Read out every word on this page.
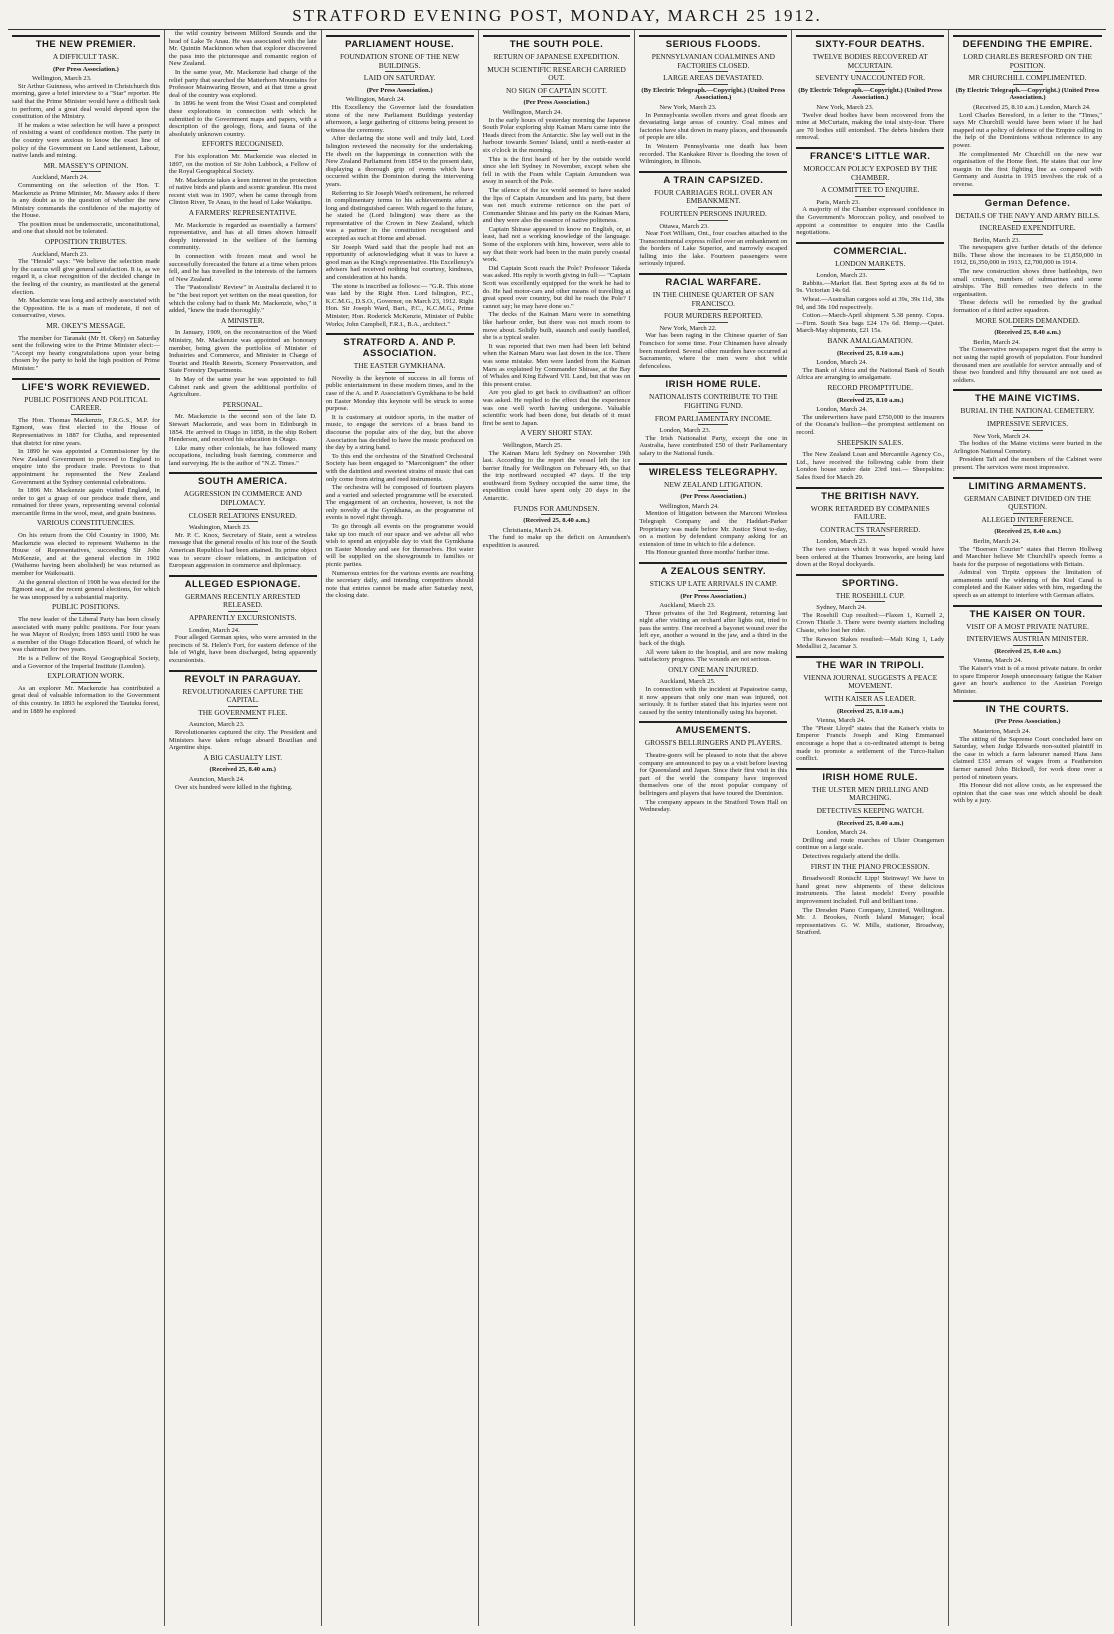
STRATFORD EVENING POST, MONDAY, MARCH 25 1912.
THE NEW PREMIER.
A DIFFICULT TASK.
(Per Press Association.)
Wellington, March 23.

Sir Arthur Guinness, who arrived in Christchurch this morning, gave a brief interview to a "Star" reporter. He said that the Prime Minister would have a difficult task to perform, and a great deal would depend upon the constitution of the Ministry.

If he makes a wise selection he will have a prospect of resisting a want of confidence motion. The party in the country were anxious to know the exact line of policy of the Government on Land settlement, Labour, native lands and mining.

MR. MASSEY'S OPINION.
Auckland, March 24.

Commenting on the selection of the Hon. T. Mackenzie as Prime Minister, Mr. Massey asks if there is any doubt as to the question of whether the new Ministry commands the confidence of the majority of the House.

The position must be undemocratic, unconstitutional, and one that should not be tolerated.

OPPOSITION TRIBUTES.
Auckland, March 23.

The "Herald" says: "We believe the selection made by the caucus will give general satisfaction. It is, as we regard it, a clear recognition of the decided change in the feeling of the country, as manifested at the general election.

Mr. Mackenzie was long and actively associated with the Opposition. He is a man of moderate, if not of conservative, views.

MR. OKEY'S MESSAGE.

The member for Taranaki (Mr H. Okey) on Saturday sent the following wire to the Prime Minister elect:— "Accept my hearty congratulations upon your being chosen by the party to hold the high position of Prime Minister."

LIFE'S WORK REVIEWED.
PUBLIC POSITIONS AND POLITICAL CAREER.

The Hon. Thomas Mackenzie, F.R.G.S., M.P. for Egmont, was first elected to the House of Representatives in 1887 for Clutha, and represented that district for nine years.

In 1890 he was appointed a Commissioner by the New Zealand Government to proceed to England to enquire into the produce trade. Previous to that appointment he represented the New Zealand Government at the Sydney centennial celebrations.

In 1896 Mr. Mackenzie again visited England, in order to get a grasp of our produce trade there, and remained for three years, representing several colonial mercantile firms in the wool, meat, and grain business.

VARIOUS CONSTITUENCIES.

On his return from the Old Country in 1900, Mr. Mackenzie was elected to represent Waihemo in the House of Representatives, succeeding Sir John McKenzie, and at the general election in 1902 (Waihemo having been abolished) he was returned as member for Waikouaiti.

At the general election of 1908 he was elected for the Egmont seat, at the recent general elections, for which he was unopposed by a substantial majority.

PUBLIC POSITIONS.

The new leader of the Liberal Party has been closely associated with many public positions. For four years he was Mayor of Roslyn; from 1893 until 1900 he was a member of the Otago Education Board, of which he was chairman for two years.

He is a Fellow of the Royal Geographical Society, and a Governor of the Imperial Institute (London).

EXPLORATION WORK.

As an explorer Mr. Mackenzie has contributed a great deal of valuable information to the Government of this country. In 1893 he explored the Tautuku forest, and in 1889 he explored

the wild country between Milford Sounds and the head of Lake Te Anau. He was associated with the late Mr. Quintin Mackinnon when that explorer discovered the pass into the picturesque and romantic region of New Zealand.

In the same year, Mr. Mackenzie had charge of the relief party that searched the Matterhorn Mountains for Professor Mainwaring Brown, and at that time a great deal of the country was explored.

In 1896 he went from the West Coast and completed these explorations in connection with which he submitted to the Government maps and papers, with a description of the geology, flora, and fauna of the absolutely unknown country.

EFFORTS RECOGNISED.

For his exploration Mr. Mackenzie was elected in 1897, on the motion of Sir John Lubbock, a Fellow of the Royal Geographical Society.

Mr. Mackenzie takes a keen interest in the protection of native birds and plants and scenic grandeur. His most recent visit was in 1907, when he came through from Clinton River, Te Anau, to the head of Lake Wakatipu.

A FARMERS' REPRESENTATIVE.

Mr. Mackenzie is regarded as essentially a farmers' representative, and has at all times shown himself deeply interested in the welfare of the farming community.

In connection with frozen meat and wool he successfully forecasted the future at a time when prices fell, and he has travelled in the interests of the farmers of New Zealand.

The "Pastoralists' Review" in Australia declared it to be "the best report yet written on the meat question, for which the colony had to thank Mr. Mackenzie, who," it added, "knew the trade thoroughly."

A MINISTER.

In January, 1909, on the reconstruction of the Ward Ministry, Mr. Mackenzie was appointed an honorary member, being given the portfolios of Minister of Industries and Commerce, and Minister in Charge of Tourist and Health Resorts, Scenery Preservation, and State Forestry Departments.

In May of the same year he was appointed to full Cabinet rank and given the additional portfolio of Agriculture.

PERSONAL.

Mr. Mackenzie is the second son of the late D. Stewart Mackenzie, and was born in Edinburgh in 1854. He arrived in Otago in 1858, in the ship Robert Henderson, and received his education in Otago.

Like many other colonials, he has followed many occupations, including bush farming, commerce and land surveying. He is the author of "N.Z. Times."

SOUTH AMERICA.
AGGRESSION IN COMMERCE AND DIPLOMACY.
CLOSER RELATIONS ENSURED.
Washington, March 23.

Mr. P. C. Knox, Secretary of State, sent a wireless message that the general results of his tour of the South American Republics had been attained. Its prime object was to secure closer relations, in anticipation of European aggression in commerce and diplomacy.

ALLEGED ESPIONAGE.
GERMANS RECENTLY ARRESTED RELEASED.
APPARENTLY EXCURSIONISTS.
London, March 24.

Four alleged German spies, who were arrested in the precincts of St. Helen's Fort, for eastern defence of the Isle of Wight, have been discharged, being apparently excursionists.

REVOLT IN PARAGUAY.
REVOLUTIONARIES CAPTURE THE CAPITAL.
THE GOVERNMENT FLEE.
Asuncion, March 23.

Revolutionaries captured the city. The President and Ministers have taken refuge aboard Brazilian and Argentine ships.

A BIG CASUALTY LIST.
(Received 25, 8.40 a.m.)
Asuncion, March 24.

Over six hundred were killed in the fighting.

PARLIAMENT HOUSE.
FOUNDATION STONE OF THE NEW BUILDINGS.
LAID ON SATURDAY.
(Per Press Association.)
Wellington, March 24.

His Excellency the Governor laid the foundation stone of the new Parliament Buildings yesterday afternoon, a large gathering of citizens being present to witness the ceremony.

After declaring the stone well and truly laid, Lord Islington reviewed the necessity for the undertaking. He dwelt on the happenings in connection with the New Zealand Parliament from 1854 to the present date, displaying a thorough grip of events which have occurred within the Dominion during the intervening years.

Referring to Sir Joseph Ward's retirement, he referred in complimentary terms to his achievements after a long and distinguished career. With regard to the future, he stated he (Lord Islington) was there as the representative of the Crown in New Zealand, which was a partner in the constitution recognised and accepted as such at Home and abroad.

Sir Joseph Ward said that the people had not an opportunity of acknowledging what it was to have a good man as the King's representative. His Excellency's advisers had received nothing but courtesy, kindness, and consideration at his hands.

The stone is inscribed as follows:— "G.R. This stone was laid by the Right Hon. Lord Islington, P.C., K.C.M.G., D.S.O., Governor, on March 23, 1912. Right Hon. Sir Joseph Ward, Bart., P.C., K.C.M.G., Prime Minister; Hon. Roderick McKenzie, Minister of Public Works; John Campbell, F.R.I., B.A., architect."

STRATFORD A. AND P. ASSOCIATION.
THE EASTER GYMKHANA.

Novelty is the keynote of success in all forms of public entertainment in these modern times, and in the case of the A. and P. Association's Gymkhana to be held on Easter Monday this keynote will be struck to some purpose.

It is customary at outdoor sports, in the matter of music, to engage the services of a brass band to discourse the popular airs of the day, but the above Association has decided to have the music produced on the day by a string band.

To this end the orchestra of the Stratford Orchestral Society has been engaged to "Marconigram" the other with the daintiest and sweetest strains of music that can only come from string and reed instruments.

The orchestra will be composed of fourteen players and a varied and selected programme will be executed. The engagement of an orchestra, however, is not the only novelty at the Gymkhana, as the programme of events is novel right through.

To go through all events on the programme would take up too much of our space and we advise all who wish to spend an enjoyable day to visit the Gymkhana on Easter Monday and see for themselves. Hot water will be supplied on the showgrounds to families or picnic parties.

Numerous entries for the various events are reaching the secretary daily, and intending competitors should note that entries cannot be made after Saturday next, the closing date.

THE SOUTH POLE.
RETURN OF JAPANESE EXPEDITION.
MUCH SCIENTIFIC RESEARCH CARRIED OUT.
NO SIGN OF CAPTAIN SCOTT.
(Per Press Association.)
Wellington, March 24.

In the early hours of yesterday morning the Japanese South Polar exploring ship Kainan Maru came into the Heads direct from the Antarctic. She lay well out in the harbour towards Somes' Island, until a north-easter at six o'clock in the morning.

This is the first heard of her by the outside world since she left Sydney in November, except when she fell in with the Fram while Captain Amundsen was away in search of the Pole.

The silence of the ice world seemed to have sealed the lips of Captain Amundsen and his party, but there was not much extreme reticence on the part of Commander Shirase and his party on the Kainan Maru, and they were also the essence of native politeness.

Captain Shirase appeared to know no English, or, at least, had not a working knowledge of the language. Some of the explorers with him, however, were able to say that their work had been in the main purely coastal work.

Did Captain Scott reach the Pole? Professor Takeda was asked. His reply is worth giving in full:— "Captain Scott was excellently equipped for the work he had to do. He had motor-cars and other means of travelling at great speed over country, but did he reach the Pole? I cannot say; he may have done so."

The decks of the Kainan Maru were in something like harbour order, but there was not much room to move about. Solidly built, staunch and easily handled, she is a typical sealer.

It was reported that two men had been left behind when the Kainan Maru was last down in the ice. There was some mistake. Men were landed from the Kainan Maru as explained by Commander Shirase, at the Bay of Whales and King Edward VII. Land, but that was on this present cruise.

Are you glad to get back to civilisation? an officer was asked. He replied to the effect that the experience was one well worth having undergone. Valuable scientific work had been done, but details of it must first be sent to Japan.

A VERY SHORT STAY.
Wellington, March 25.

The Kainan Maru left Sydney on November 19th last. According to the report the vessel left the ice barrier finally for Wellington on February 4th, so that the trip northward occupied 47 days. If the trip southward from Sydney occupied the same time, the expedition could have spent only 20 days in the Antarctic.

FUNDS FOR AMUNDSEN.
(Received 25, 8.40 a.m.)
Christiania, March 24.

The fund to make up the deficit on Amundsen's expedition is assured.

SERIOUS FLOODS.
PENNSYLVANIAN COALMINES AND FACTORIES CLOSED.
LARGE AREAS DEVASTATED.
(By Electric Telegraph.—Copyright.) (United Press Association.)
New York, March 23.

In Pennsylvania swollen rivers and great floods are devastating large areas of country. Coal mines and factories have shut down in many places, and thousands of people are idle.

In Western Pennsylvania one death has been recorded. The Kankakee River is flooding the town of Wilmington, in Illinois.

A TRAIN CAPSIZED.
FOUR CARRIAGES ROLL OVER AN EMBANKMENT.
FOURTEEN PERSONS INJURED.
Ottawa, March 23.

Near Fort William, Ont., four coaches attached to the Transcontinental express rolled over an embankment on the borders of Lake Superior, and narrowly escaped falling into the lake. Fourteen passengers were seriously injured.

RACIAL WARFARE.
IN THE CHINESE QUARTER OF SAN FRANCISCO.
FOUR MURDERS REPORTED.
New York, March 22.

War has been raging in the Chinese quarter of San Francisco for some time. Four Chinamen have already been murdered. Several other murders have occurred at Sacramento, where the men were shot while defenceless.

IRISH HOME RULE.
NATIONALISTS CONTRIBUTE TO THE FIGHTING FUND.
FROM PARLIAMENTARY INCOME.
London, March 23.

The Irish Nationalist Party, except the one in Australia, have contributed £50 of their Parliamentary salary to the National funds.

WIRELESS TELEGRAPHY.
NEW ZEALAND LITIGATION.
(Per Press Association.)
Wellington, March 24.

Mention of litigation between the Marconi Wireless Telegraph Company and the Haddart-Parker Proprietary was made before Mr. Justice Stout to-day, on a motion by defendant company asking for an extension of time in which to file a defence.

His Honour granted three months' further time.

A ZEALOUS SENTRY.
STICKS UP LATE ARRIVALS IN CAMP.
(Per Press Association.)
Auckland, March 23.

Three privates of the 3rd Regiment, returning last night after visiting an orchard after lights out, tried to pass the sentry. One received a bayonet wound over the left eye, another a wound in the jaw, and a third in the back of the thigh.

All were taken to the hospital, and are now making satisfactory progress. The wounds are not serious.

ONLY ONE MAN INJURED.
Auckland, March 25.

In connection with the incident at Papatoetoe camp, it now appears that only one man was injured, not seriously. It is further stated that his injuries were not caused by the sentry intentionally using his bayonet.

AMUSEMENTS.
GROSSI'S BELLRINGERS AND PLAYERS.

Theatre-goers will be pleased to note that the above company are announced to pay us a visit before leaving for Queensland and Japan. Since their first visit in this part of the world the company have improved themselves one of the most popular company of bellringers and players that have toured the Dominion.

The company appears in the Stratford Town Hall on Wednesday.

SIXTY-FOUR DEATHS.
TWELVE BODIES RECOVERED AT MCCURTAIN.
SEVENTY UNACCOUNTED FOR.
(By Electric Telegraph.—Copyright.) (United Press Association.)
New York, March 23.

Twelve dead bodies have been recovered from the mine at McCurtain, making the total sixty-four. There are 70 bodies still entombed. The debris hinders their removal.

FRANCE'S LITTLE WAR.
MOROCCAN POLICY EXPOSED BY THE CHAMBER.
A COMMITTEE TO ENQUIRE.
Paris, March 23.

A majority of the Chamber expressed confidence in the Government's Moroccan policy, and resolved to appoint a committee to enquire into the Casilla negotiations.

COMMERCIAL.
LONDON MARKETS.
London, March 23.

Rabbits.—Market flat. Best Spring axes at 8s 6d to 9s. Victorian 14s 6d.

Wheat.—Australian cargoes sold at 39s, 39s 11d, 38s 9d, and 38s 10d respectively.

Cotton.—March-April shipment 5.38 penny. Copra.—Firm. South Sea bags £24 17s 6d. Hemp.—Quiet. March-May shipments, £21 15s.

BANK AMALGAMATION.
(Received 25, 8.10 a.m.)
London, March 24.

The Bank of Africa and the National Bank of South Africa are arranging to amalgamate.

RECORD PROMPTITUDE.
(Received 25, 8.10 a.m.)
London, March 24.

The underwriters have paid £750,000 to the insurers of the Oceana's bullion—the promptest settlement on record.

SHEEPSKIN SALES.

The New Zealand Loan and Mercantile Agency Co., Ltd., have received the following cable from their London house under date 23rd inst.— Sheepskins: Sales fixed for March 29.

THE BRITISH NAVY.
WORK RETARDED BY COMPANIES FAILURE.
CONTRACTS TRANSFERRED.
London, March 23.

The two cruisers which it was hoped would have been ordered at the Thames Ironworks, are being laid down at the Royal dockyards.

SPORTING.
THE ROSEHILL CUP.
Sydney, March 24.

The Rosehill Cup resulted:—Flaxen 1, Kurnell 2, Crown Thistle 3. There were twenty starters including Chaste, who lost her rider.

The Rawson Stakes resulted:—Malt King 1, Lady Medallist 2, Jacamar 3.

THE WAR IN TRIPOLI.
VIENNA JOURNAL SUGGESTS A PEACE MOVEMENT.
WITH KAISER AS LEADER.
(Received 25, 8.10 a.m.)
Vienna, March 24.

The "Piestr Lloyd" states that the Kaiser's visits to Emperor Francis Joseph and King Emmanuel encourage a hope that a co-ordinated attempt is being made to promote a settlement of the Turco-Italian conflict.

IRISH HOME RULE.
THE ULSTER MEN DRILLING AND MARCHING.
DETECTIVES KEEPING WATCH.
(Received 25, 8.40 a.m.)
London, March 24.

Drilling and route marches of Ulster Orangemen continue on a large scale.

Detectives regularly attend the drills.

FIRST IN THE PIANO PROCESSION.

Broadwood! Ronisch! Lipp! Steinway! We have to hand great new shipments of these delicious instruments. The latest models! Every possible improvement included. Full and brilliant tone.

The Dresden Piano Company, Limited, Wellington. Mr. J. Brookes, North Island Manager; local representatives G. W. Mills, stationer, Broadway, Stratford.

DEFENDING THE EMPIRE.
LORD CHARLES BERESFORD ON THE POSITION.
MR CHURCHILL COMPLIMENTED.
(By Electric Telegraph.—Copyright.) (United Press Association.)
(Received 25, 8.10 a.m.) London, March 24.

Lord Charles Beresford, in a letter to the "Times," says Mr Churchill would have been wiser if he had mapped out a policy of defence of the Empire calling in the help of the Dominions without reference to any power.

He complimented Mr Churchill on the new war organisation of the Home fleet. He states that our low margin in the first fighting line as compared with Germany and Austria in 1915 involves the risk of a reverse.

German Defence.
DETAILS OF THE NAVY AND ARMY BILLS.
INCREASED EXPENDITURE.
Berlin, March 23.

The newspapers give further details of the defence Bills. These show the increases to be £1,850,000 in 1912, £6,350,000 in 1913, £2,700,000 in 1914.

The new construction shows three battleships, two small cruisers, numbers of submarines and some airships. The Bill remedies two defects in the organisation.

These defects will be remedied by the gradual formation of a third active squadron.

MORE SOLDIERS DEMANDED.
(Received 25, 8.40 a.m.)
Berlin, March 24.

The Conservative newspapers regret that the army is not using the rapid growth of population. Four hundred thousand men are available for service annually and of these two hundred and fifty thousand are not used as soldiers.

THE MAINE VICTIMS.
BURIAL IN THE NATIONAL CEMETERY.
IMPRESSIVE SERVICES.
New York, March 24.

The bodies of the Maine victims were buried in the Arlington National Cemetery.

President Taft and the members of the Cabinet were present. The services were most impressive.

LIMITING ARMAMENTS.
GERMAN CABINET DIVIDED ON THE QUESTION.
ALLEGED INTERFERENCE.
(Received 25, 8.40 a.m.)
Berlin, March 24.

The "Boersen Courier" states that Herren Hollweg and Maechter believe Mr Churchill's speech forms a basis for the purpose of negotiations with Britain.

Admiral von Tirpitz opposes the limitation of armaments until the widening of the Kiel Canal is completed and the Kaiser sides with him, regarding the speech as an attempt to interfere with German affairs.

THE KAISER ON TOUR.
VISIT OF A MOST PRIVATE NATURE.
INTERVIEWS AUSTRIAN MINISTER.
(Received 25, 8.40 a.m.)
Vienna, March 24.

The Kaiser's visit is of a most private nature. In order to spare Emperor Joseph unnecessary fatigue the Kaiser gave an hour's audience to the Austrian Foreign Minister.

IN THE COURTS.
(Per Press Association.)
Masterton, March 24.

The sitting of the Supreme Court concluded here on Saturday, when Judge Edwards non-suited plaintiff in the case in which a farm labourer named Hans Jans claimed £351 arrears of wages from a Featherston farmer named John Bicknell, for work done over a period of nineteen years.

His Honour did not allow costs, as he expressed the opinion that the case was one which should be dealt with by a jury.
